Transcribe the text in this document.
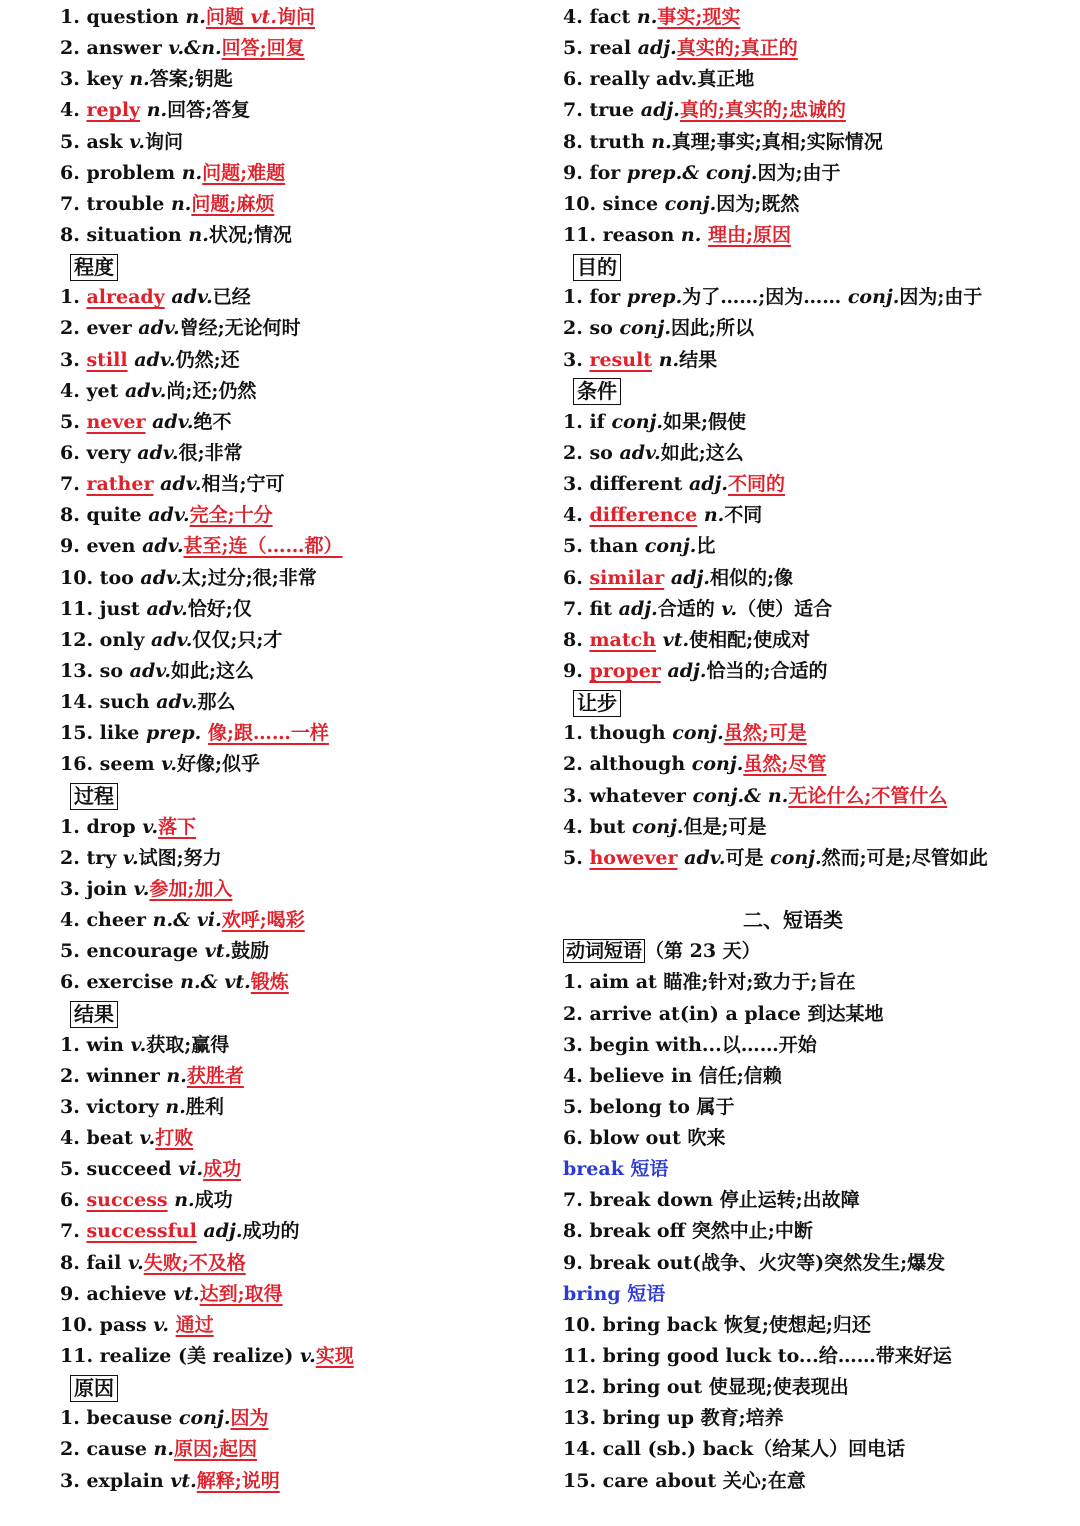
1. question n.问题 vt.询问
2. answer v.&n.回答;回复
3. key n.答案;钥匙
4. reply n.回答;答复
5. ask v.询问
6. problem n.问题;难题
7. trouble n.问题;麻烦
8. situation n.状况;情况
程度
1. already adv.已经
2. ever adv.曾经;无论何时
3. still adv.仍然;还
4. yet adv.尚;还;仍然
5. never adv.绝不
6. very adv.很;非常
7. rather adv.相当;宁可
8. quite adv.完全;十分
9. even adv.甚至;连（……都）
10. too adv.太;过分;很;非常
11. just adv.恰好;仅
12. only adv.仅仅;只;才
13. so adv.如此;这么
14. such adv.那么
15. like prep. 像;跟……一样
16. seem v.好像;似乎
过程
1. drop v.落下
2. try v.试图;努力
3. join v.参加;加入
4. cheer n.& vi.欢呼;喝彩
5. encourage vt.鼓励
6. exercise n.& vt.锻炼
结果
1. win v.获取;赢得
2. winner n.获胜者
3. victory n.胜利
4. beat v.打败
5. succeed vi.成功
6. success n.成功
7. successful adj.成功的
8. fail v.失败;不及格
9. achieve vt.达到;取得
10. pass v. 通过
11. realize (美 realize) v.实现
原因
1. because conj.因为
2. cause n.原因;起因
3. explain vt.解释;说明
4. fact n.事实;现实
5. real adj.真实的;真正的
6. really adv.真正地
7. true adj.真的;真实的;忠诚的
8. truth n.真理;事实;真相;实际情况
9. for prep.& conj.因为;由于
10. since conj.因为;既然
11. reason n. 理由;原因
目的
1. for prep.为了……;因为…… conj.因为;由于
2. so conj.因此;所以
3. result n.结果
条件
1. if conj.如果;假使
2. so adv.如此;这么
3. different adj.不同的
4. difference n.不同
5. than conj.比
6. similar adj.相似的;像
7. fit adj.合适的 v.（使）适合
8. match vt.使相配;使成对
9. proper adj.恰当的;合适的
让步
1. though conj.虽然;可是
2. although conj.虽然;尽管
3. whatever conj.& n.无论什么;不管什么
4. but conj.但是;可是
5. however adv.可是 conj.然而;可是;尽管如此
二、短语类
动词短语 （第 23 天）
1. aim at 瞄准;针对;致力于;旨在
2. arrive at(in) a place 到达某地
3. begin with...以……开始
4. believe in 信任;信赖
5. belong to 属于
6. blow out 吹来
break 短语
7. break down 停止运转;出故障
8. break off 突然中止;中断
9. break out(战争、火灾等)突然发生;爆发
bring 短语
10. bring back 恢复;使想起;归还
11. bring good luck to...给……带来好运
12. bring out 使显现;使表现出
13. bring up 教育;培养
14. call (sb.) back（给某人）回电话
15. care about 关心;在意
